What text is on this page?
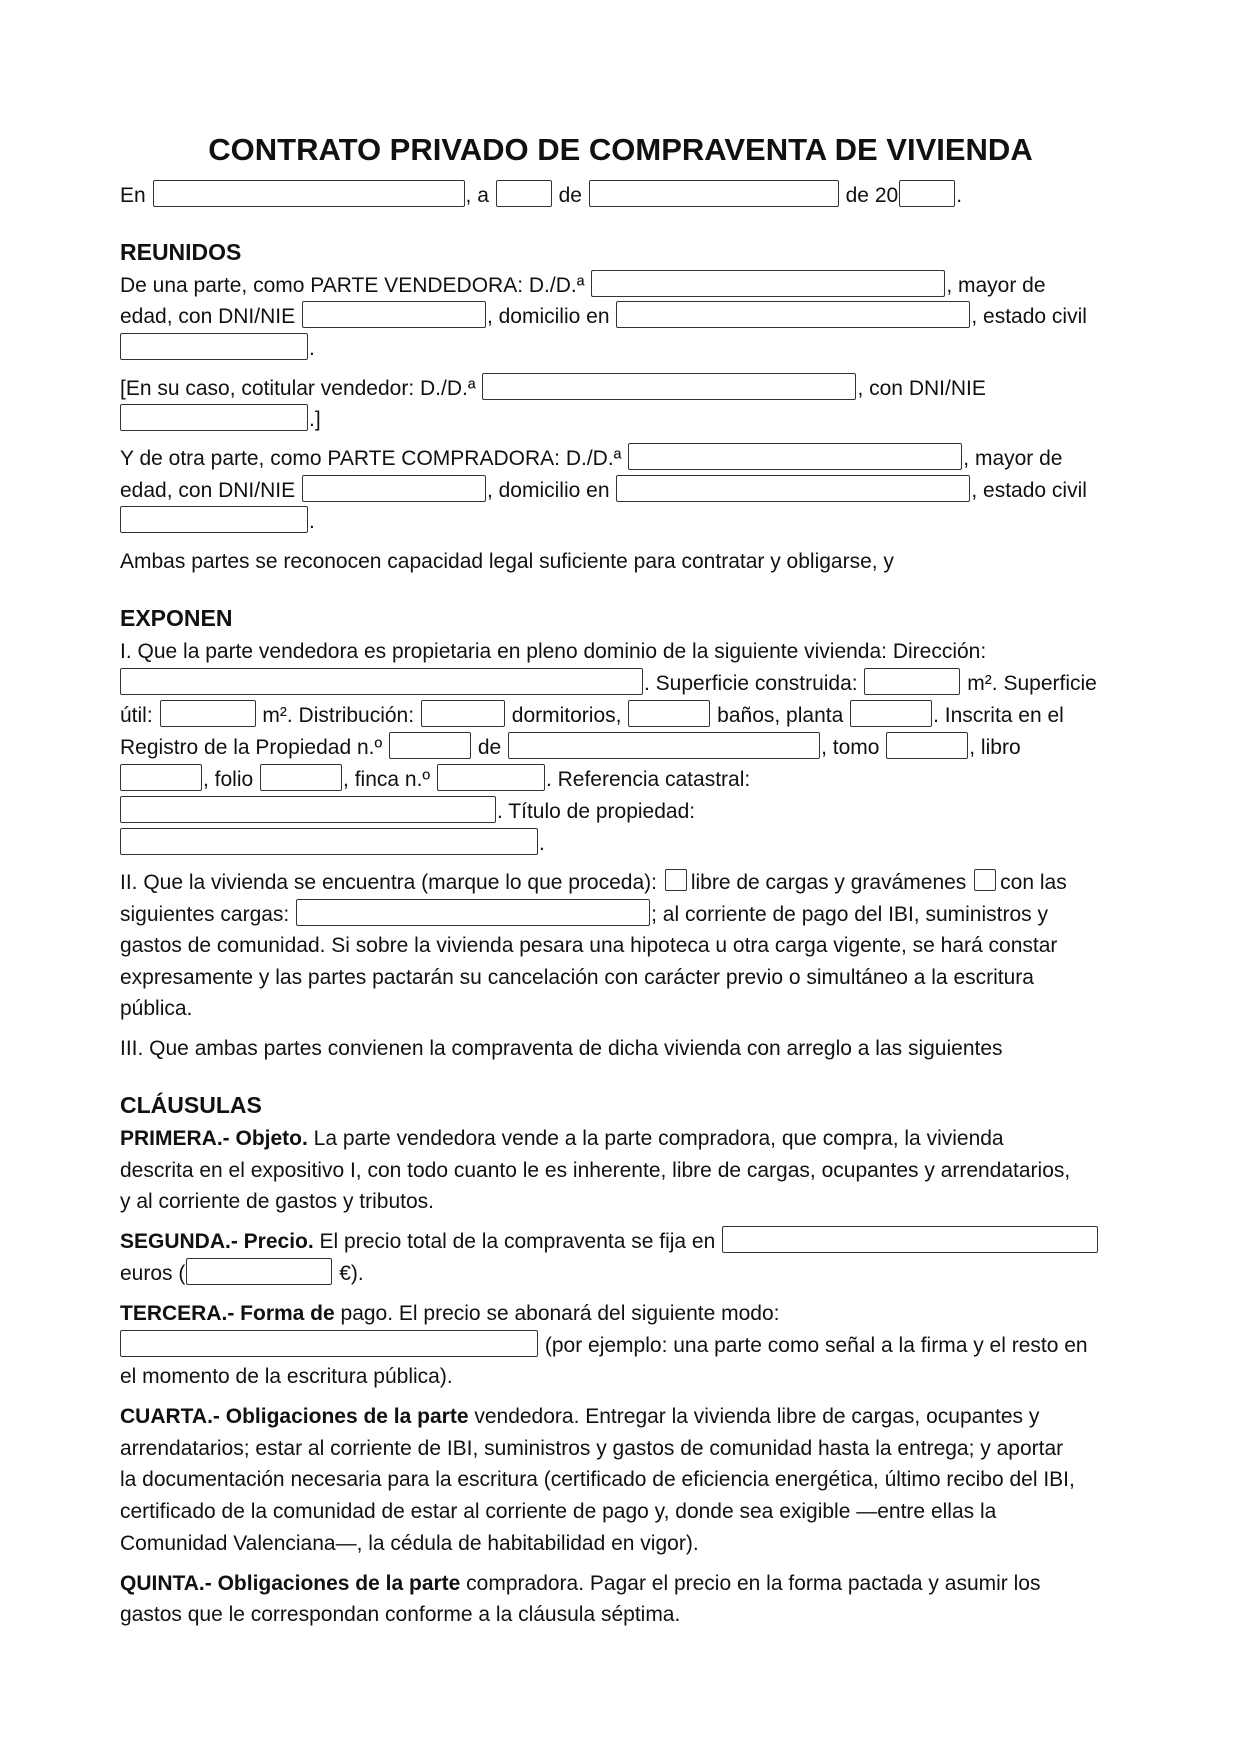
CONTRATO PRIVADO DE COMPRAVENTA DE VIVIENDA
En	, a	de	de 20	.
REUNIDOS
De una parte, como PARTE VENDEDORA: D./D.ª	, mayor de
edad, con DNI/NIE	, domicilio en	, estado civil
.
[En su caso, cotitular vendedor: D./D.ª	, con DNI/NIE
.]
Y de otra parte, como PARTE COMPRADORA: D./D.ª	, mayor de
edad, con DNI/NIE	, domicilio en	, estado civil
.
Ambas partes se reconocen capacidad legal suficiente para contratar y obligarse, y
EXPONEN
I. Que la parte vendedora es propietaria en pleno dominio de la siguiente vivienda: Dirección:
. Superficie construida:	m². Superficie
útil:	m². Distribución:	dormitorios,	baños, planta	. Inscrita en el
Registro de la Propiedad n.º	de	, tomo	, libro
, folio	, finca n.º	. Referencia catastral:
. Título de propiedad:
.
II. Que la vivienda se encuentra (marque lo que proceda): libre de cargas y gravámenes con las
siguientes cargas:	; al corriente de pago del IBI, suministros y
gastos de comunidad. Si sobre la vivienda pesara una hipoteca u otra carga vigente, se hará constar
expresamente y las partes pactarán su cancelación con carácter previo o simultáneo a la escritura
pública.
III. Que ambas partes convienen la compraventa de dicha vivienda con arreglo a las siguientes
CLÁUSULAS
PRIMERA.- Objeto. La parte vendedora vende a la parte compradora, que compra, la vivienda
descrita en el expositivo I, con todo cuanto le es inherente, libre de cargas, ocupantes y arrendatarios,
y al corriente de gastos y tributos.
SEGUNDA.- Precio. El precio total de la compraventa se fija en
euros (	€).
TERCERA.- Forma de pago. El precio se abonará del siguiente modo:
(por ejemplo: una parte como señal a la firma y el resto en
el momento de la escritura pública).
CUARTA.- Obligaciones de la parte vendedora. Entregar la vivienda libre de cargas, ocupantes y
arrendatarios; estar al corriente de IBI, suministros y gastos de comunidad hasta la entrega; y aportar
la documentación necesaria para la escritura (certificado de eficiencia energética, último recibo del IBI,
certificado de la comunidad de estar al corriente de pago y, donde sea exigible —entre ellas la
Comunidad Valenciana—, la cédula de habitabilidad en vigor).
QUINTA.- Obligaciones de la parte compradora. Pagar el precio en la forma pactada y asumir los
gastos que le correspondan conforme a la cláusula séptima.
